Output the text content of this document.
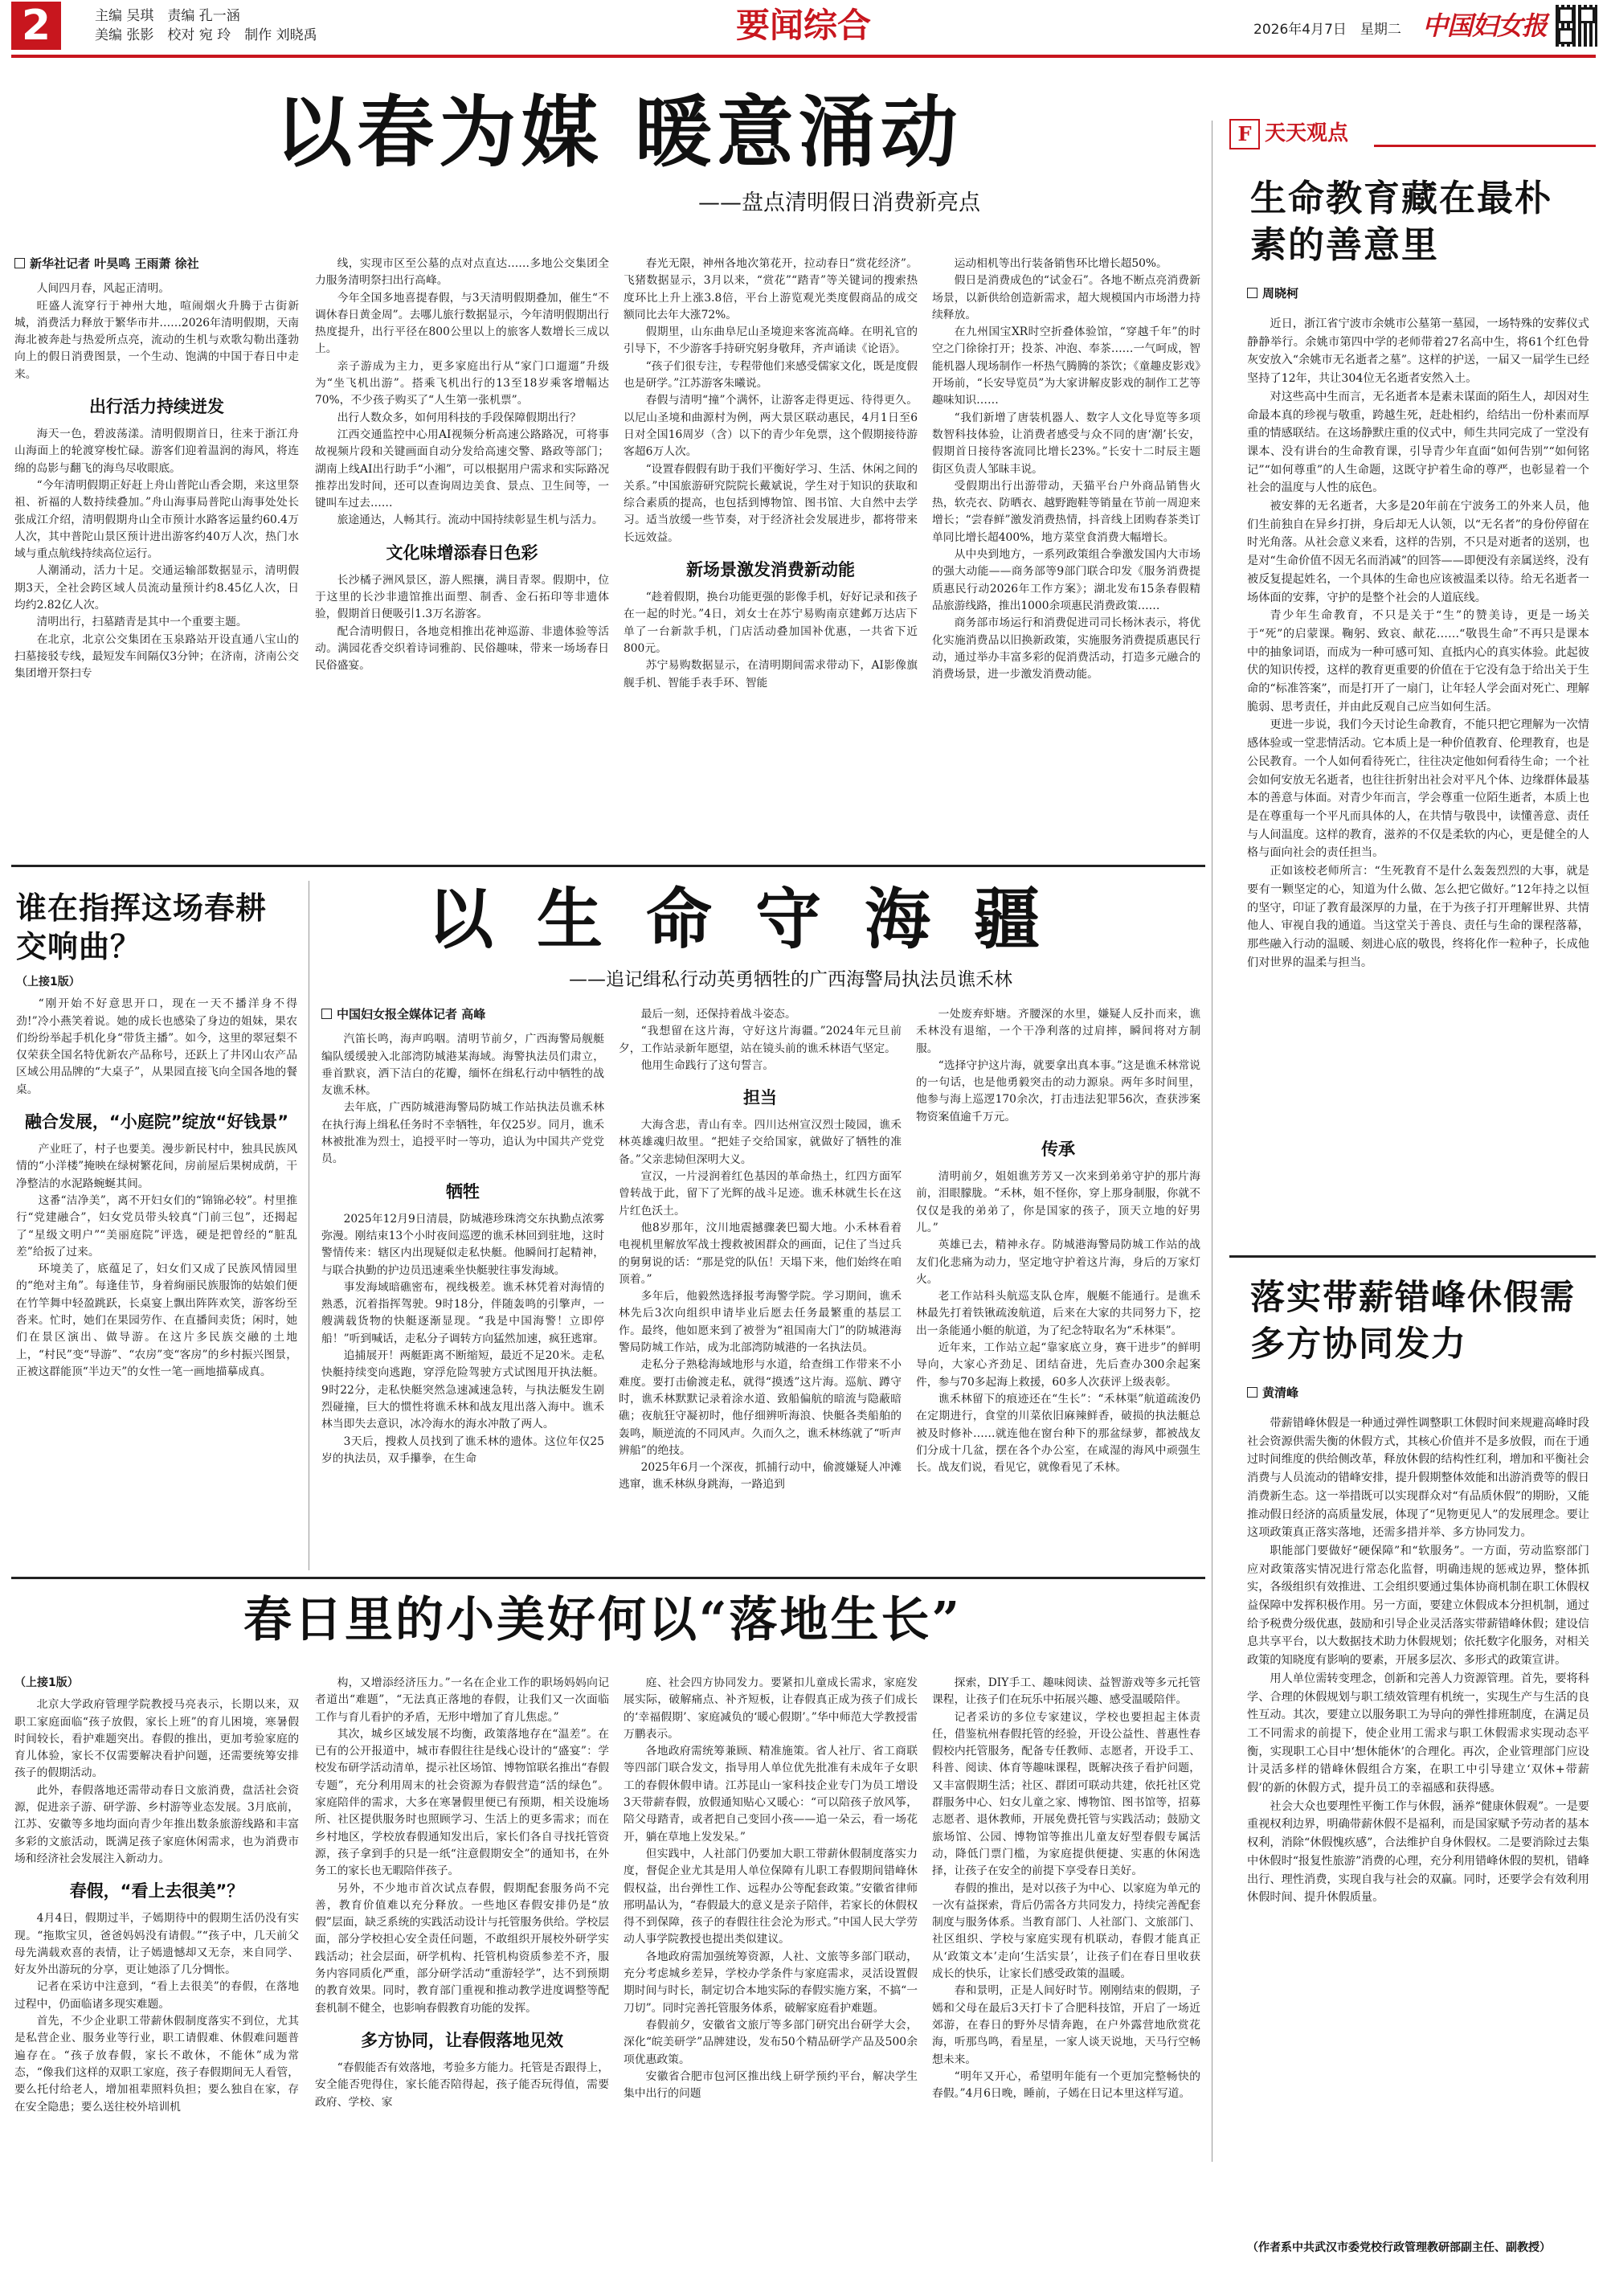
2	主编 吴琪　责编 孔一涵
美编 张影　校对 宛 玲　制作 刘晓禹	要闻综合	2026年4月7日　星期二 中国妇女报
以春为媒 暖意涌动
——盘点清明假日消费新亮点
新华社记者 叶昊鸣 王雨萧 徐社

人间四月春，风起正清明。

旺盛人流穿行于神州大地，喧闹烟火升腾于古街新城，消费活力释放于繁华市井……2026年清明假期，天南海北被奔赴与热爱所点亮，流动的生机与欢歌勾勒出蓬勃向上的假日消费图景，一个生动、饱满的中国于春日中走来。

出行活力持续迸发

海天一色，碧波荡漾。清明假期首日，往来于浙江舟山海面上的轮渡穿梭忙碌。游客们迎着温润的海风，将连绵的岛影与翻飞的海鸟尽收眼底。

“今年清明假期正好赶上舟山普陀山香会期，来这里祭祖、祈福的人数持续叠加。”舟山海事局普陀山海事处处长张成江介绍，清明假期舟山全市预计水路客运量约60.4万人次，其中普陀山景区预计进出游客约40万人次，热门水域与重点航线持续高位运行。

人潮涌动，活力十足。交通运输部数据显示，清明假期3天，全社会跨区域人员流动量预计约8.45亿人次，日均约2.82亿人次。

清明出行，扫墓踏青是其中一个重要主题。

在北京，北京公交集团在玉泉路站开设直通八宝山的扫墓接驳专线，最短发车间隔仅3分钟；在济南，济南公交集团增开祭扫专

线，实现市区至公墓的点对点直达……多地公交集团全力服务清明祭扫出行高峰。

今年全国多地喜提春假，与3天清明假期叠加，催生“不调休春日黄金周”。去哪儿旅行数据显示，今年清明假期出行热度提升，出行平径在800公里以上的旅客人数增长三成以上。

亲子游成为主力，更多家庭出行从“家门口遛遛”升级为“坐飞机出游”。搭乘飞机出行的13至18岁乘客增幅达70%，不少孩子购买了“人生第一张机票”。

出行人数众多，如何用科技的手段保障假期出行？

江西交通监控中心用AI视频分析高速公路路况，可将事故视频片段和关键画面自动分发给高速交警、路政等部门；湖南上线AI出行助手“小湘”，可以根据用户需求和实际路况推荐出发时间，还可以查询周边美食、景点、卫生间等，一键叫车过去……

旅途通达，人畅其行。流动中国持续彰显生机与活力。

文化味增添春日色彩

长沙橘子洲风景区，游人熙攘，满目青翠。假期中，位于这里的长沙非遗馆推出面塑、制香、金石拓印等非遗体验，假期首日便吸引1.3万名游客。

配合清明假日，各地竞相推出花神巡游、非遗体验等活动。满园花香交织着诗词雅韵、民俗趣味，带来一场场春日民俗盛宴。

春光无限，神州各地次第花开，拉动春日“赏花经济”。飞猪数据显示，3月以来，“赏花”“踏青”等关键词的搜索热度环比上升上涨3.8倍，平台上游览观光类度假商品的成交额同比去年大涨72%。

假期里，山东曲阜尼山圣境迎来客流高峰。在明礼官的引导下，不少游客手持研究躬身敬拜，齐声诵读《论语》。

“孩子们很专注，专程带他们来感受儒家文化，既是度假也是研学。”江苏游客朱曦说。

春假与清明“撞”个满怀，让游客走得更远、待得更久。以尼山圣境和曲源村为例，两大景区联动惠民，4月1日至6日对全国16周岁（含）以下的青少年免票，这个假期接待游客超6万人次。

“设置春假假有助于我们平衡好学习、生活、休闲之间的关系。”中国旅游研究院院长戴斌说，学生对于知识的获取和综合素质的提高，也包括到博物馆、图书馆、大自然中去学习。适当放缓一些节奏，对于经济社会发展进步，都将带来长远效益。

新场景激发消费新动能

“趁着假期，换台功能更强的影像手机，好好记录和孩子在一起的时光。”4日，刘女士在苏宁易购南京建邺万达店下单了一台新款手机，门店活动叠加国补优惠，一共省下近800元。

苏宁易购数据显示，在清明期间需求带动下，AI影像旗舰手机、智能手表手环、智能

运动相机等出行装备销售环比增长超50%。

假日是消费成色的“试金石”。各地不断点亮消费新场景，以新供给创造新需求，超大规模国内市场潜力持续释放。

在九州国宝XR时空折叠体验馆，“穿越千年”的时空之门徐徐打开；投茶、冲泡、奉茶……一气呵成，智能机器人现场制作一杯热气腾腾的茶饮；《童趣皮影戏》开场前，“长安导览员”为大家讲解皮影戏的制作工艺等趣味知识……

“我们新增了唐装机器人、数字人文化导览等多项数智科技体验，让消费者感受与众不同的唐‘潮’长安，假期首日接待客流同比增长23%。”长安十二时辰主题街区负责人邹昧丰说。

受假期出行出游带动，天猫平台户外商品销售火热，软壳衣、防晒衣、越野跑鞋等销量在节前一周迎来增长；“尝春鲜”激发消费热情，抖音线上团购春茶类订单同比增长超400%，地方菜堂食消费大幅增长。

从中央到地方，一系列政策组合拳激发国内大市场的强大动能——商务部等9部门联合印发《服务消费提质惠民行动2026年工作方案》；湖北发布15条春假精品旅游线路，推出1000余项惠民消费政策……

商务部市场运行和消费促进司司长杨沐表示，将优化实施消费品以旧换新政策，实施服务消费提质惠民行动，通过举办丰富多彩的促消费活动，打造多元融合的消费场景，进一步激发消费动能。

F 天天观点
生命教育藏在最朴素的善意里
周晓柯

近日，浙江省宁波市余姚市公墓第一墓园，一场特殊的安葬仪式静静举行。余姚市第四中学的老师带着27名高中生，将61个红色骨灰安放入“余姚市无名逝者之墓”。这样的护送，一届又一届学生已经坚持了12年，共让304位无名逝者安然入土。

对这些高中生而言，无名逝者本是素未谋面的陌生人，却因对生命最本真的珍视与敬重，跨越生死，赶赴相约，给结出一份朴素而厚重的情感联结。在这场静默庄重的仪式中，师生共同完成了一堂没有课本、没有讲台的生命教育课，引导青少年直面“如何告别”“如何铭记”“如何尊重”的人生命题，这既守护着生命的尊严，也彰显着一个社会的温度与人性的底色。

被安葬的无名逝者，大多是20年前在宁波务工的外来人员，他们生前独自在异乡打拼，身后却无人认领，以“无名者”的身份停留在时光角落。从社会意义来看，这样的告别，不只是对逝者的送别，也是对“生命价值不因无名而消减”的回答——即便没有亲属送终，没有被反复提起姓名，一个具体的生命也应该被温柔以待。给无名逝者一场体面的安葬，守护的是整个社会的人道底线。

青少年生命教育，不只是关于“生”的赞美诗，更是一场关于“死”的启蒙课。鞠躬、致哀、献花……“敬畏生命”不再只是课本中的抽象词语，而成为一种可感可知、直抵内心的真实体验。此起彼伏的知识传授，这样的教育更重要的价值在于它没有急于给出关于生命的“标准答案”，而是打开了一扇门，让年轻人学会面对死亡、理解脆弱、思考责任，并由此反观自己应当如何生活。

更进一步说，我们今天讨论生命教育，不能只把它理解为一次情感体验或一堂悲情活动。它本质上是一种价值教育、伦理教育，也是公民教育。一个人如何看待死亡，往往决定他如何看待生命；一个社会如何安放无名逝者，也往往折射出社会对平凡个体、边缘群体最基本的善意与体面。对青少年而言，学会尊重一位陌生逝者，本质上也是在尊重每一个平凡而具体的人，在共情与敬畏中，读懂善意、责任与人间温度。这样的教育，滋养的不仅是柔软的内心，更是健全的人格与面向社会的责任担当。

正如该校老师所言：“生死教育不是什么轰轰烈烈的大事，就是要有一颗坚定的心，知道为什么做、怎么把它做好。”12年持之以恒的坚守，印证了教育最深厚的力量，在于为孩子打开理解世界、共情他人、审视自我的通道。当这堂关于善良、责任与生命的课程落幕，那些融入行动的温暖、刻进心底的敬畏，终将化作一粒种子，长成他们对世界的温柔与担当。

落实带薪错峰休假需多方协同发力
黄清峰

带薪错峰休假是一种通过弹性调整职工休假时间来规避高峰时段社会资源供需失衡的休假方式，其核心价值并不是多放假，而在于通过时间维度的供给侧改革，释放休假的结构性红利，增加和平衡社会消费与人员流动的错峰安排，提升假期整体效能和出游消费等的假日消费新生态。这一举措既可以实现群众对“有品质休假”的期盼，又能推动假日经济的高质量发展，体现了“见物更见人”的发展理念。要让这项政策真正落实落地，还需多措并举、多方协同发力。

职能部门要做好“硬保障”和“软服务”。一方面，劳动监察部门应对政策落实情况进行常态化监督，明确违规的惩戒边界，整体抓实，各级组织有效推进、工会组织要通过集体协商机制在职工休假权益保障中发挥积极作用。另一方面，要建立休假成本分担机制，通过给予税费分级优惠，鼓励和引导企业灵活落实带薪错峰休假；建设信息共享平台，以大数据技术助力休假规划；依托数字化服务，对相关政策的知晓度有影响的要素，开展多层次、多形式的政策宣讲。

用人单位需转变理念，创新和完善人力资源管理。首先，要将科学、合理的休假规划与职工绩效管理有机统一，实现生产与生活的良性互动。其次，要建立以服务职工为导向的弹性排班制度，在满足员工不同需求的前提下，使企业用工需求与职工休假需求实现动态平衡，实现职工心目中‘想休能休’的合理化。再次，企业管理部门应设计灵活多样的错峰休假组合方案，在职工中引导建立‘双休+带薪假’的新的休假方式，提升员工的幸福感和获得感。

社会大众也要理性平衡工作与休假，涵养“健康休假观”。一是要重视权利边界，明确带薪休假不是福利，而是国家赋予劳动者的基本权利，消除“休假愧疚感”，合法维护自身休假权。二是要消除过去集中休假时“报复性旅游”消费的心理，充分利用错峰休假的契机，错峰出行、理性消费，实现自我与社会的双赢。同时，还要学会有效利用休假时间、提升休假质量。

（作者系中共武汉市委党校行政管理教研部副主任、副教授）
谁在指挥这场春耕交响曲？
（上接1版）

“刚开始不好意思开口，现在一天不播洋身不得劲!”冷小燕笑着说。她的成长也感染了身边的姐妹，果农们纷纷举起手机化身“带货主播”。如今，这里的翠冠梨不仅荣获全国名特优新农产品称号，还跃上了井冈山农产品区域公用品牌的“大桌子”，从果园直接飞向全国各地的餐桌。

融合发展，“小庭院”绽放“好钱景”

产业旺了，村子也要美。漫步新民村中，独具民族风情的“小洋楼”掩映在绿树繁花间，房前屋后果树成荫，干净整洁的水泥路蜿蜒其间。

这番“洁净美”，离不开妇女们的“锦锦必较”。村里推行“党建融合”，妇女党员带头较真“门前三包”，还揭起了“星级文明户”“美丽庭院”评选，硬是把曾经的“脏乱差”给扳了过来。

环境美了，底蕴足了，妇女们又成了民族风情园里的“绝对主角”。每逢佳节，身着絢丽民族服饰的姑娘们便在竹竿舞中轻盈跳跃，长桌宴上飘出阵阵欢笑，游客纷至沓来。忙时，她们在果园劳作、在直播间卖货；闲时，她们在景区演出、做导游。在这片多民族交融的土地上，“村民”变“导游”、“农房”变“客房”的乡村振兴图景，正被这群能顶“半边天”的女性一笔一画地描摹成真。

以生命守海疆
——追记缉私行动英勇牺牲的广西海警局执法员谯禾林
中国妇女报全媒体记者 高峰

汽笛长鸣，海声呜咽。清明节前夕，广西海警局舰艇编队缓缓驶入北部湾防城港某海域。海警执法员们肃立，垂首默哀，洒下洁白的花瓣，缅怀在缉私行动中牺牲的战友谯禾林。

去年底，广西防城港海警局防城工作站执法员谯禾林在执行海上缉私任务时不幸牺牲，年仅25岁。同月，谯禾林被批准为烈士，追授平时一等功，追认为中国共产党党员。

牺牲

2025年12月9日清晨，防城港珍珠湾交东执勤点浓雾弥漫。刚结束13个小时夜间巡逻的谯禾林回到驻地，这时警情传来：辖区内出现疑似走私快艇。他瞬间打起精神，与联合执勤的护边员迅速乘坐快艇驶往事发海域。

事发海域暗礁密布，视线极差。谯禾林凭着对海情的熟悉，沉着指挥驾驶。9时18分，伴随轰鸣的引擎声，一艘满载货物的快艇逐渐显现。“我是中国海警！立即停船！”听到喊话，走私分子调转方向猛然加速，疯狂逃窜。

追捕展开！两艇距离不断缩短，最近不足20米。走私快艇持续变向逃跑，穿浮危险驾驶方式试图甩开执法艇。9时22分，走私快艇突然急速减速急转，与执法艇发生剧烈碰撞，巨大的惯性将谯禾林和战友甩出落入海中。谯禾林当即失去意识，冰冷海水的海水冲散了两人。

3天后，搜救人员找到了谯禾林的遗体。这位年仅25岁的执法员，双手攥拳，在生命

最后一刻，还保持着战斗姿态。

“我想留在这片海，守好这片海疆。”2024年元旦前夕，工作站录新年愿望，站在镜头前的谯禾林语气坚定。

他用生命践行了这句誓言。

担当

大海含悲，青山有幸。四川达州宣汉烈士陵园，谯禾林英雄魂归故里。“把娃子交给国家，就做好了牺牲的准备。”父亲悲恸但深明大义。

宣汉，一片浸润着红色基因的革命热土，红四方面军曾转战于此，留下了光辉的战斗足迹。谯禾林就生长在这片红色沃土。

他8岁那年，汶川地震撼骤袭巴蜀大地。小禾林看着电视机里解放军战士搜救被困群众的画面，记住了当过兵的舅舅说的话：“那是党的队伍！天塌下来，他们始终在咱顶着。”

多年后，他毅然选择报考海警学院。学习期间，谯禾林先后3次向组织申请毕业后愿去任务最繁重的基层工作。最终，他如愿来到了被誉为“祖国南大门”的防城港海警局防城工作站，成为北部湾防城港的一名执法员。

走私分子熟稔海域地形与水道，给查缉工作带来不小难度。要打击偷渡走私，就得“摸透”这片海。巡航、蹲守时，谯禾林默默记录着涂水道、致船偏航的暗流与隐蔽暗礁；夜航狂守凝初时，他仔细辨听海浪、快艇各类船舶的轰鸣，顺逆流的不同风声。久而久之，谯禾林练就了“听声辨船”的绝技。

2025年6月一个深夜，抓捕行动中，偷渡嫌疑人冲滩逃窜，谯禾林纵身跳海，一路追到

一处废弃虾塘。齐腰深的水里，嫌疑人反扑而来，谯禾林没有退缩，一个干净利落的过肩摔，瞬间将对方制服。

“选择守护这片海，就要拿出真本事。”这是谯禾林常说的一句话，也是他勇毅突击的动力源泉。两年多时间里，他参与海上巡逻170余次，打击违法犯罪56次，查获涉案物资案值逾千万元。

传承

清明前夕，姐姐谯芳芳又一次来到弟弟守护的那片海前，泪眼朦胧。“禾林，姐不怪你，穿上那身制服，你就不仅仅是我的弟弟了，你是国家的孩子，顶天立地的好男儿。”

英雄已去，精神永存。防城港海警局防城工作站的战友们化悲痛为动力，坚定地守护着这片海，身后的万家灯火。

老工作站科头航巡支队仓库，舰艇不能通行。是谯禾林最先打着铁锹疏浚航道，后来在大家的共同努力下，挖出一条能通小艇的航道，为了纪念特取名为“禾林渠”。

近年来，工作站立起“靠家底立身，赛干进步”的鲜明导向，大家心齐劲足、团结奋进，先后查办300余起案件，参与70多起海上救援，60多人次获评上级表彰。

谯禾林留下的痕迹还在“生长”：“禾林渠”航道疏浚仍在定期进行，食堂的川菜依旧麻辣鲜香，破损的执法艇总被及时修补……就连他在窗台种下的那盆绿萝，都被战友们分成十几盆，摆在各个办公室，在咸湿的海风中顽强生长。战友们说，看见它，就像看见了禾林。

春日里的小美好何以“落地生长”
（上接1版）

北京大学政府管理学院教授马亮表示，长期以来，双职工家庭面临“孩子放假，家长上班”的育儿困境，寒暑假时间较长，看护难题突出。春假的推出，更加考验家庭的育儿体验，家长不仅需要解决看护问题，还需要统筹安排孩子的假期活动。

此外，春假落地还需带动春日文旅消费，盘活社会资源，促进亲子游、研学游、乡村游等业态发展。3月底前，江苏、安徽等多地均面向青少年推出数条旅游线路和丰富多彩的文旅活动，既满足孩子家庭休闲需求，也为消费市场和经济社会发展注入新动力。

春假，“看上去很美”？

4月4日，假期过半，子嫣期待中的假期生活仍没有实现。“拖欺宝贝，爸爸妈妈没有请假。”“孩子中，几天前父母先满载欢喜的表情，让子嫣遗憾却又无奈，来自同学、好友外出游玩的分享，更让她添了几分惆怅。

记者在采访中注意到，“看上去很美”的春假，在落地过程中，仍面临诸多现实难题。

首先，不少企业职工带薪休假制度落实不到位，尤其是私营企业、服务业等行业，职工请假难、休假难问题普遍存在。“孩子放春假，家长不敢休，不能休”成为常态，“像我们这样的双职工家庭，孩子春假期间无人看管，要么托付给老人，增加祖辈照料负担；要么独自在家，存在安全隐患；要么送往校外培训机

构，又增添经济压力。”一名在企业工作的职场妈妈向记者道出“难题”，“无法真正落地的春假，让我们又一次面临工作与育儿看护的矛盾，无形中增加了育儿焦虑。”

其次，城乡区域发展不均衡，政策落地存在“温差”。在已有的公开报道中，城市春假往往是线心设计的“盛宴”：学校发布研学活动清单，提示社区场馆、博物馆联名推出“春假专题”，充分利用周末的社会资源为春假营造“活的绿色”。家庭陪伴的需求，大多在寒暑假里便已有预期，相关设施场所、社区提供服务时也照顾学习、生活上的更多需求；而在乡村地区，学校放春假通知发出后，家长们各自寻找托管资源，孩子拿到手的只是一纸“注意假期安全”的通知书，在外务工的家长也无暇陪伴孩子。

另外，不少地市首次试点春假，假期配套服务尚不完善，教育价值难以充分释放。一些地区春假安排仍是“放假”层面，缺乏系统的实践活动设计与托管服务供给。学校层面，部分学校担心安全责任问题，不敢组织开展校外研学实践活动；社会层面，研学机构、托管机构资质参差不齐，服务内容同质化严重，部分研学活动“重游轻学”，达不到预期的教育效果。同时，教育部门重视和推动教学进度调整等配套机制不健全，也影响春假教育功能的发挥。

多方协同，让春假落地见效

“春假能否有效落地，考验多方能力。托管是否跟得上，安全能否兜得住，家长能否陪得起，孩子能否玩得值，需要政府、学校、家

庭、社会四方协同发力。要紧扣儿童成长需求，家庭发展实际，破解痛点、补齐短板，让春假真正成为孩子们成长的‘幸福假期’、家庭减负的‘暖心假期’。”华中师范大学教授雷万鹏表示。

各地政府需统筹兼顾、精准施策。省人社厅、省工商联等四部门联合发文，指导用人单位优先批准有未成年子女职工的春假休假申请。江苏昆山一家科技企业专门为员工增设3天带薪春假，放假通知贴心又暖心：“可以陪孩子放风筝，陪父母踏青，或者把自己变回小孩——追一朵云，看一场花开，躺在草地上发发呆。”

但实践中，人社部门仍要加大职工带薪休假制度落实力度，督促企业尤其是用人单位保障有儿职工春假期间错峰休假权益，出台弹性工作、远程办公等配套政策。”安徽省律师邢明晶认为，“春假最大的意义是亲子陪伴，若家长的休假权得不到保障，孩子的春假往往会沦为形式。”中国人民大学劳动人事学院教授也提出类似建议。

各地政府需加强统筹资源，人社、文旅等多部门联动，充分考虑城乡差异，学校办学条件与家庭需求，灵活设置假期时间与时长，制定切合本地实际的春假实施方案，不搞“一刀切”。同时完善托管服务体系，破解家庭看护难题。

春假前夕，安徽省文旅厅等多部门研究出台研学大会，深化“皖美研学”品牌建设，发布50个精品研学产品及500余项优惠政策。

安徽省合肥市包河区推出线上研学预约平台，解决学生集中出行的问题

探索，DIY手工、趣味阅读、益智游戏等多元托管课程，让孩子们在玩乐中拓展兴趣、感受温暖陪伴。

记者采访的多位专家建议，学校也要担起主体责任，借鉴杭州春假托管的经验，开设公益性、普惠性春假校内托管服务，配备专任教师、志愿者，开设手工、科普、阅读、体育等趣味课程，既解决孩子看护问题，又丰富假期生活；社区、群团可联动共建，依托社区党群服务中心、妇女儿童之家、博物馆、图书馆等，招募志愿者、退休教师，开展免费托管与实践活动；鼓励文旅场馆、公园、博物馆等推出儿童友好型春假专属活动，降低门票门槛，为家庭提供便捷、实惠的休闲选择，让孩子在安全的前提下享受春日美好。

春假的推出，是对以孩子为中心、以家庭为单元的一次有益探索，背后仍需各方共同发力，持续完善配套制度与服务体系。当教育部门、人社部门、文旅部门、社区组织、学校与家庭实现有机联动，春假才能真正从‘政策文本’走向‘生活实景’，让孩子们在春日里收获成长的快乐，让家长们感受政策的温暖。

春和景明，正是人间好时节。刚刚结束的假期，子嫣和父母在最后3天打卡了合肥科技馆，开启了一场近郊游，在春日的野外尽情奔跑，在户外露营地欣赏花海，听那鸟鸣，看星星，一家人谈天说地，天马行空畅想未来。

“明年又开心，希望明年能有一个更加完整畅快的春假。”4月6日晚，睡前，子嫣在日记本里这样写道。
